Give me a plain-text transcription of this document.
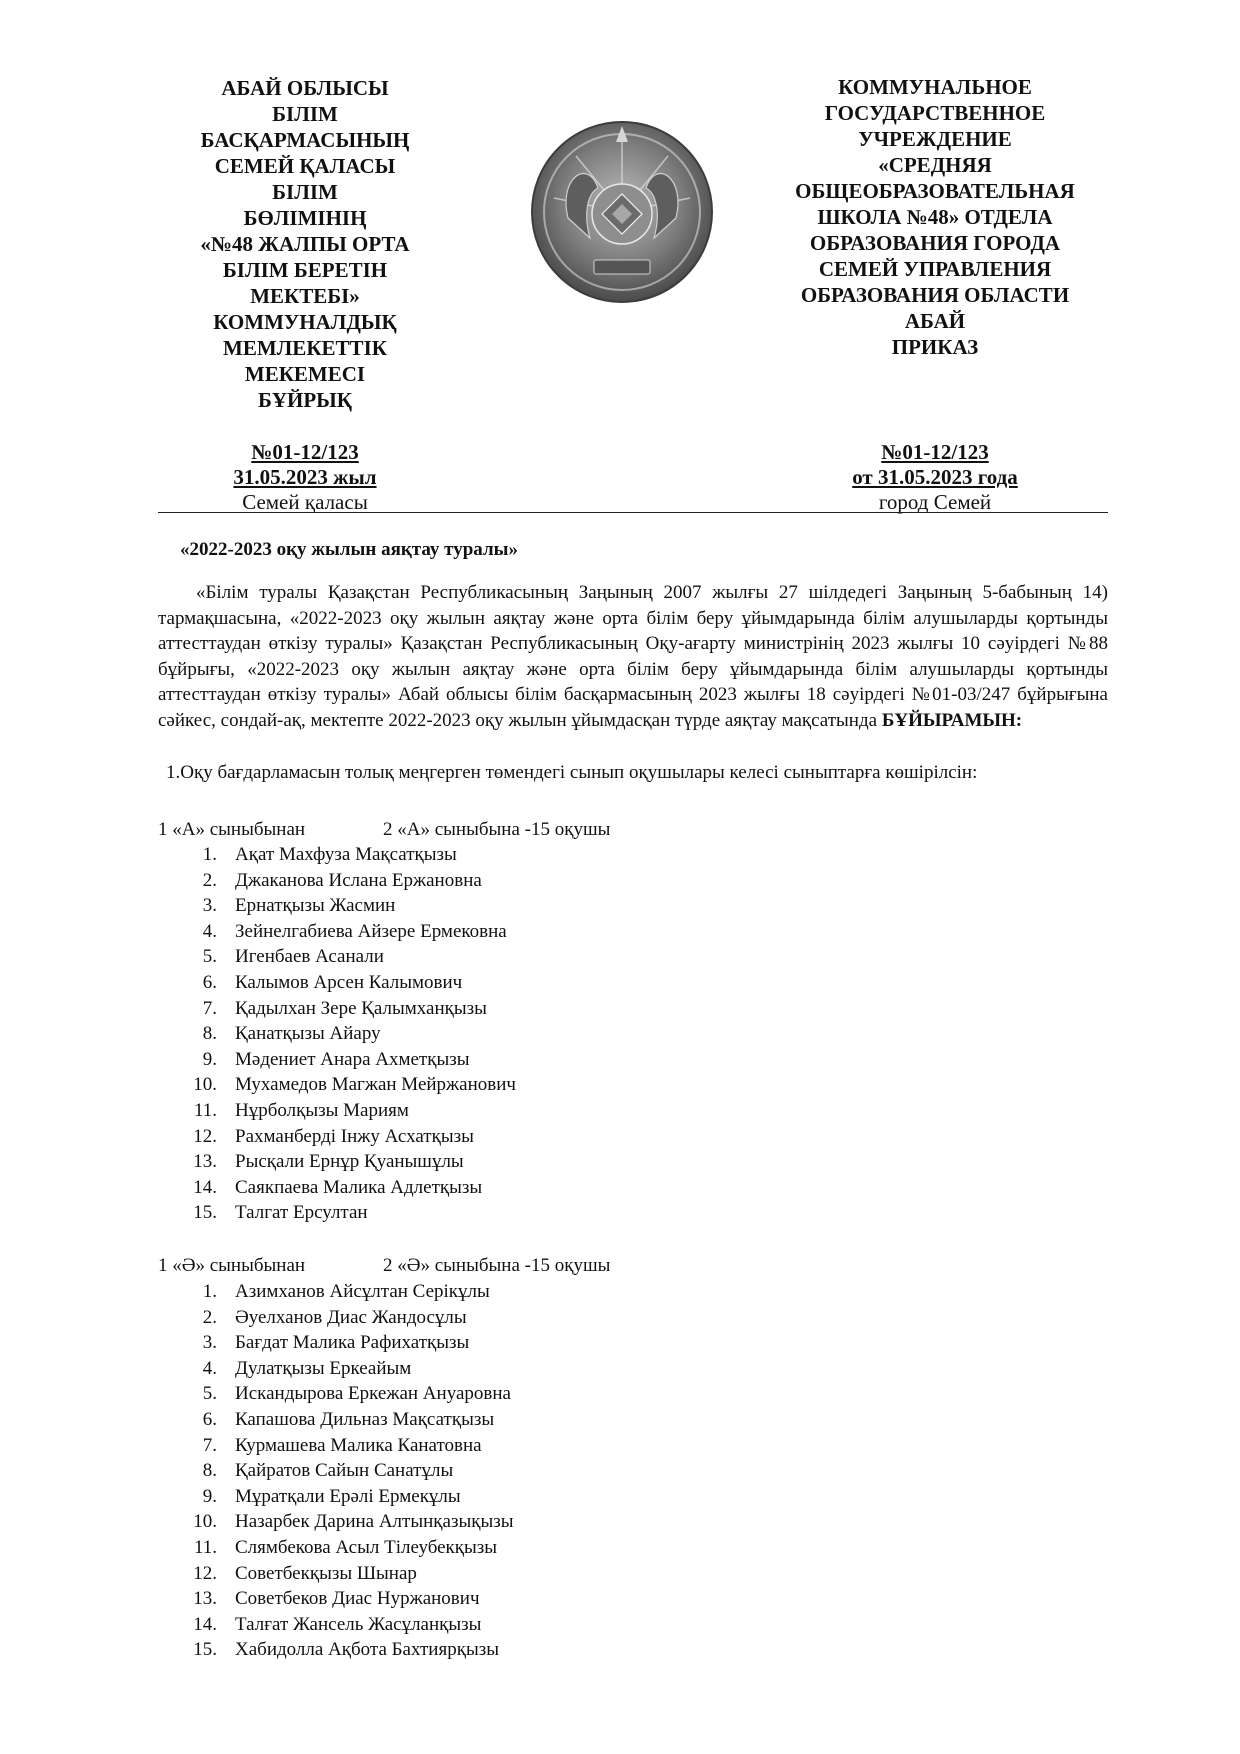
АБАЙ ОБЛЫСЫ
БІЛІМ
БАСҚАРМАСЫНЫҢ
СЕМЕЙ ҚАЛАСЫ БІЛІМ
БӨЛІМІНІҢ
«№48 ЖАЛПЫ ОРТА
БІЛІМ БЕРЕТІН
МЕКТЕБІ»
КОММУНАЛДЫҚ
МЕМЛЕКЕТТІК
МЕКЕМЕСІ
БҰЙРЫҚ
КОММУНАЛЬНОЕ
ГОСУДАРСТВЕННОЕ
УЧРЕЖДЕНИЕ
«СРЕДНЯЯ
ОБЩЕОБРАЗОВАТЕЛЬНАЯ
ШКОЛА №48» ОТДЕЛА
ОБРАЗОВАНИЯ ГОРОДА
СЕМЕЙ УПРАВЛЕНИЯ
ОБРАЗОВАНИЯ ОБЛАСТИ
АБАЙ
ПРИКАЗ
№01-12/123
31.05.2023 жыл
Семей қаласы
№01-12/123
от 31.05.2023 года
город Семей
«2022-2023 оқу жылын аяқтау туралы»

«Білім туралы Қазақстан Республикасының Заңының 2007 жылғы 27 шілдедегі Заңының 5-бабының 14) тармақшасына, «2022-2023 оқу жылын аяқтау және орта білім беру ұйымдарында білім алушыларды қортынды аттесттаудан өткізу туралы» Қазақстан Республикасының Оқу-ағарту министрінің 2023 жылғы 10 сәуірдегі №88 бұйрығы, «2022-2023 оқу жылын аяқтау және орта білім беру ұйымдарында білім алушыларды қортынды аттесттаудан өткізу туралы» Абай облысы білім басқармасының 2023 жылғы 18 сәуірдегі №01-03/247 бұйрығына сәйкес, сондай-ақ, мектепте 2022-2023 оқу жылын ұйымдасқан түрде аяқтау мақсатында БҰЙЫРАМЫН:

1.Оқу бағдарламасын толық меңгерген төмендегі сынып оқушылары келесі сыныптарға көшірілсін:

1 «А» сыныбынан	2 «А» сыныбына -15 оқушы
1. Ақат Махфуза Мақсатқызы
2. Джаканова Ислана Ержановна
3. Ернатқызы Жасмин
4. Зейнелгабиева Айзере Ермековна
5. Игенбаев Асанали
6. Калымов Арсен Калымович
7. Қадылхан Зере Қалымханқызы
8. Қанатқызы Айару
9. Мәдениет Анара Ахметқызы
10. Мухамедов Магжан Мейржанович
11. Нұрболқызы Мариям
12. Рахманберді Інжу Асхатқызы
13. Рысқали Ернұр Қуанышұлы
14. Саякпаева Малика Адлетқызы
15. Талгат Ерсултан
1 «Ә» сыныбынан	2 «Ә» сыныбына -15 оқушы
1. Азимханов Айсұлтан Серікұлы
2. Әуелханов Диас Жандосұлы
3. Бағдат Малика Рафихатқызы
4. Дулатқызы Еркеайым
5. Искандырова Еркежан Ануаровна
6. Капашова Дильназ Мақсатқызы
7. Курмашева Малика Канатовна
8. Қайратов Сайын Санатұлы
9. Мұратқали Ерәлі Ермекұлы
10. Назарбек Дарина Алтынқазықызы
11. Слямбекова Асыл Тілеубекқызы
12. Советбекқызы Шынар
13. Советбеков Диас Нуржанович
14. Талғат Жансель Жасұланқызы
15. Хабидолла Ақбота Бахтиярқызы
